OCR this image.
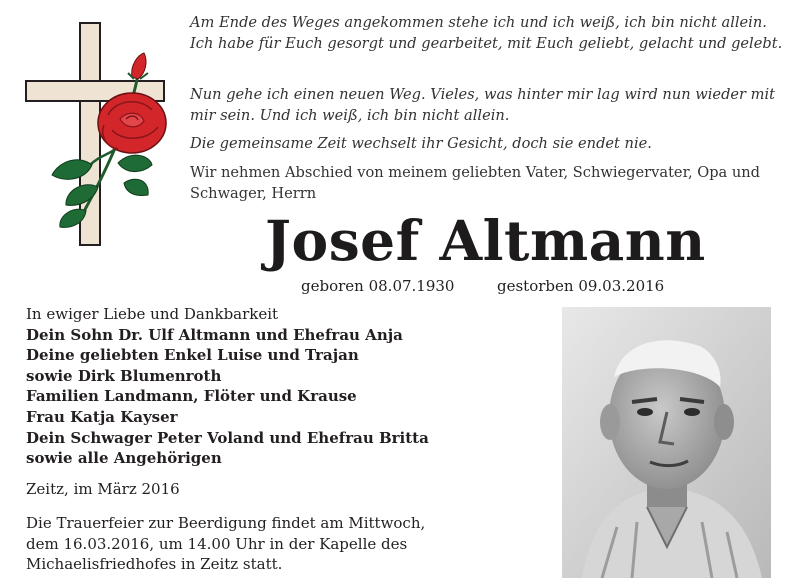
Am Ende des Weges angekommen stehe ich und ich weiß, ich bin nicht allein. Ich habe für Euch gesorgt und gearbeitet, mit Euch geliebt, gelacht und gelebt.
Nun gehe ich einen neuen Weg. Vieles, was hinter mir lag wird nun wieder mit mir sein. Und ich weiß, ich bin nicht allein.
Die gemeinsame Zeit wechselt ihr Gesicht, doch sie endet nie.
Wir nehmen Abschied von meinem geliebten Vater, Schwiegervater, Opa und Schwager, Herrn
Josef Altmann
geboren 08.07.1930	gestorben 09.03.2016
In ewiger Liebe und Dankbarkeit
Dein Sohn Dr. Ulf Altmann und Ehefrau Anja
Deine geliebten Enkel Luise und Trajan
sowie Dirk Blumenroth
Familien Landmann, Flöter und Krause
Frau Katja Kayser
Dein Schwager Peter Voland und Ehefrau Britta
sowie alle Angehörigen
Zeitz, im März 2016
Die Trauerfeier zur Beerdigung findet am Mittwoch,
dem 16.03.2016, um 14.00 Uhr in der Kapelle des
Michaelisfriedhofes in Zeitz statt.
